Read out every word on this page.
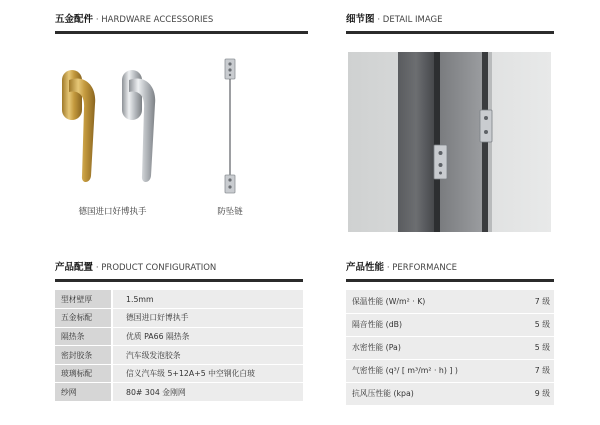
五金配件 · HARDWARE ACCESSORIES
德国进口好博执手	防坠链
细节图 · DETAIL IMAGE
产品配置 · PRODUCT CONFIGURATION
型材壁厚	1.5mm
五金标配	德国进口好博执手
隔热条	优质 PA66 隔热条
密封胶条	汽车级发泡胶条
玻璃标配	信义汽车级 5+12A+5 中空钢化白玻
纱网	80# 304 金刚网
产品性能 · PERFORMANCE
保温性能 (W/m² · K)	7 级
隔音性能 (dB)	5 级
水密性能 (Pa)	5 级
气密性能 (q³/ [ m³/m² · h) ] )	7 级
抗风压性能 (kpa)	9 级
